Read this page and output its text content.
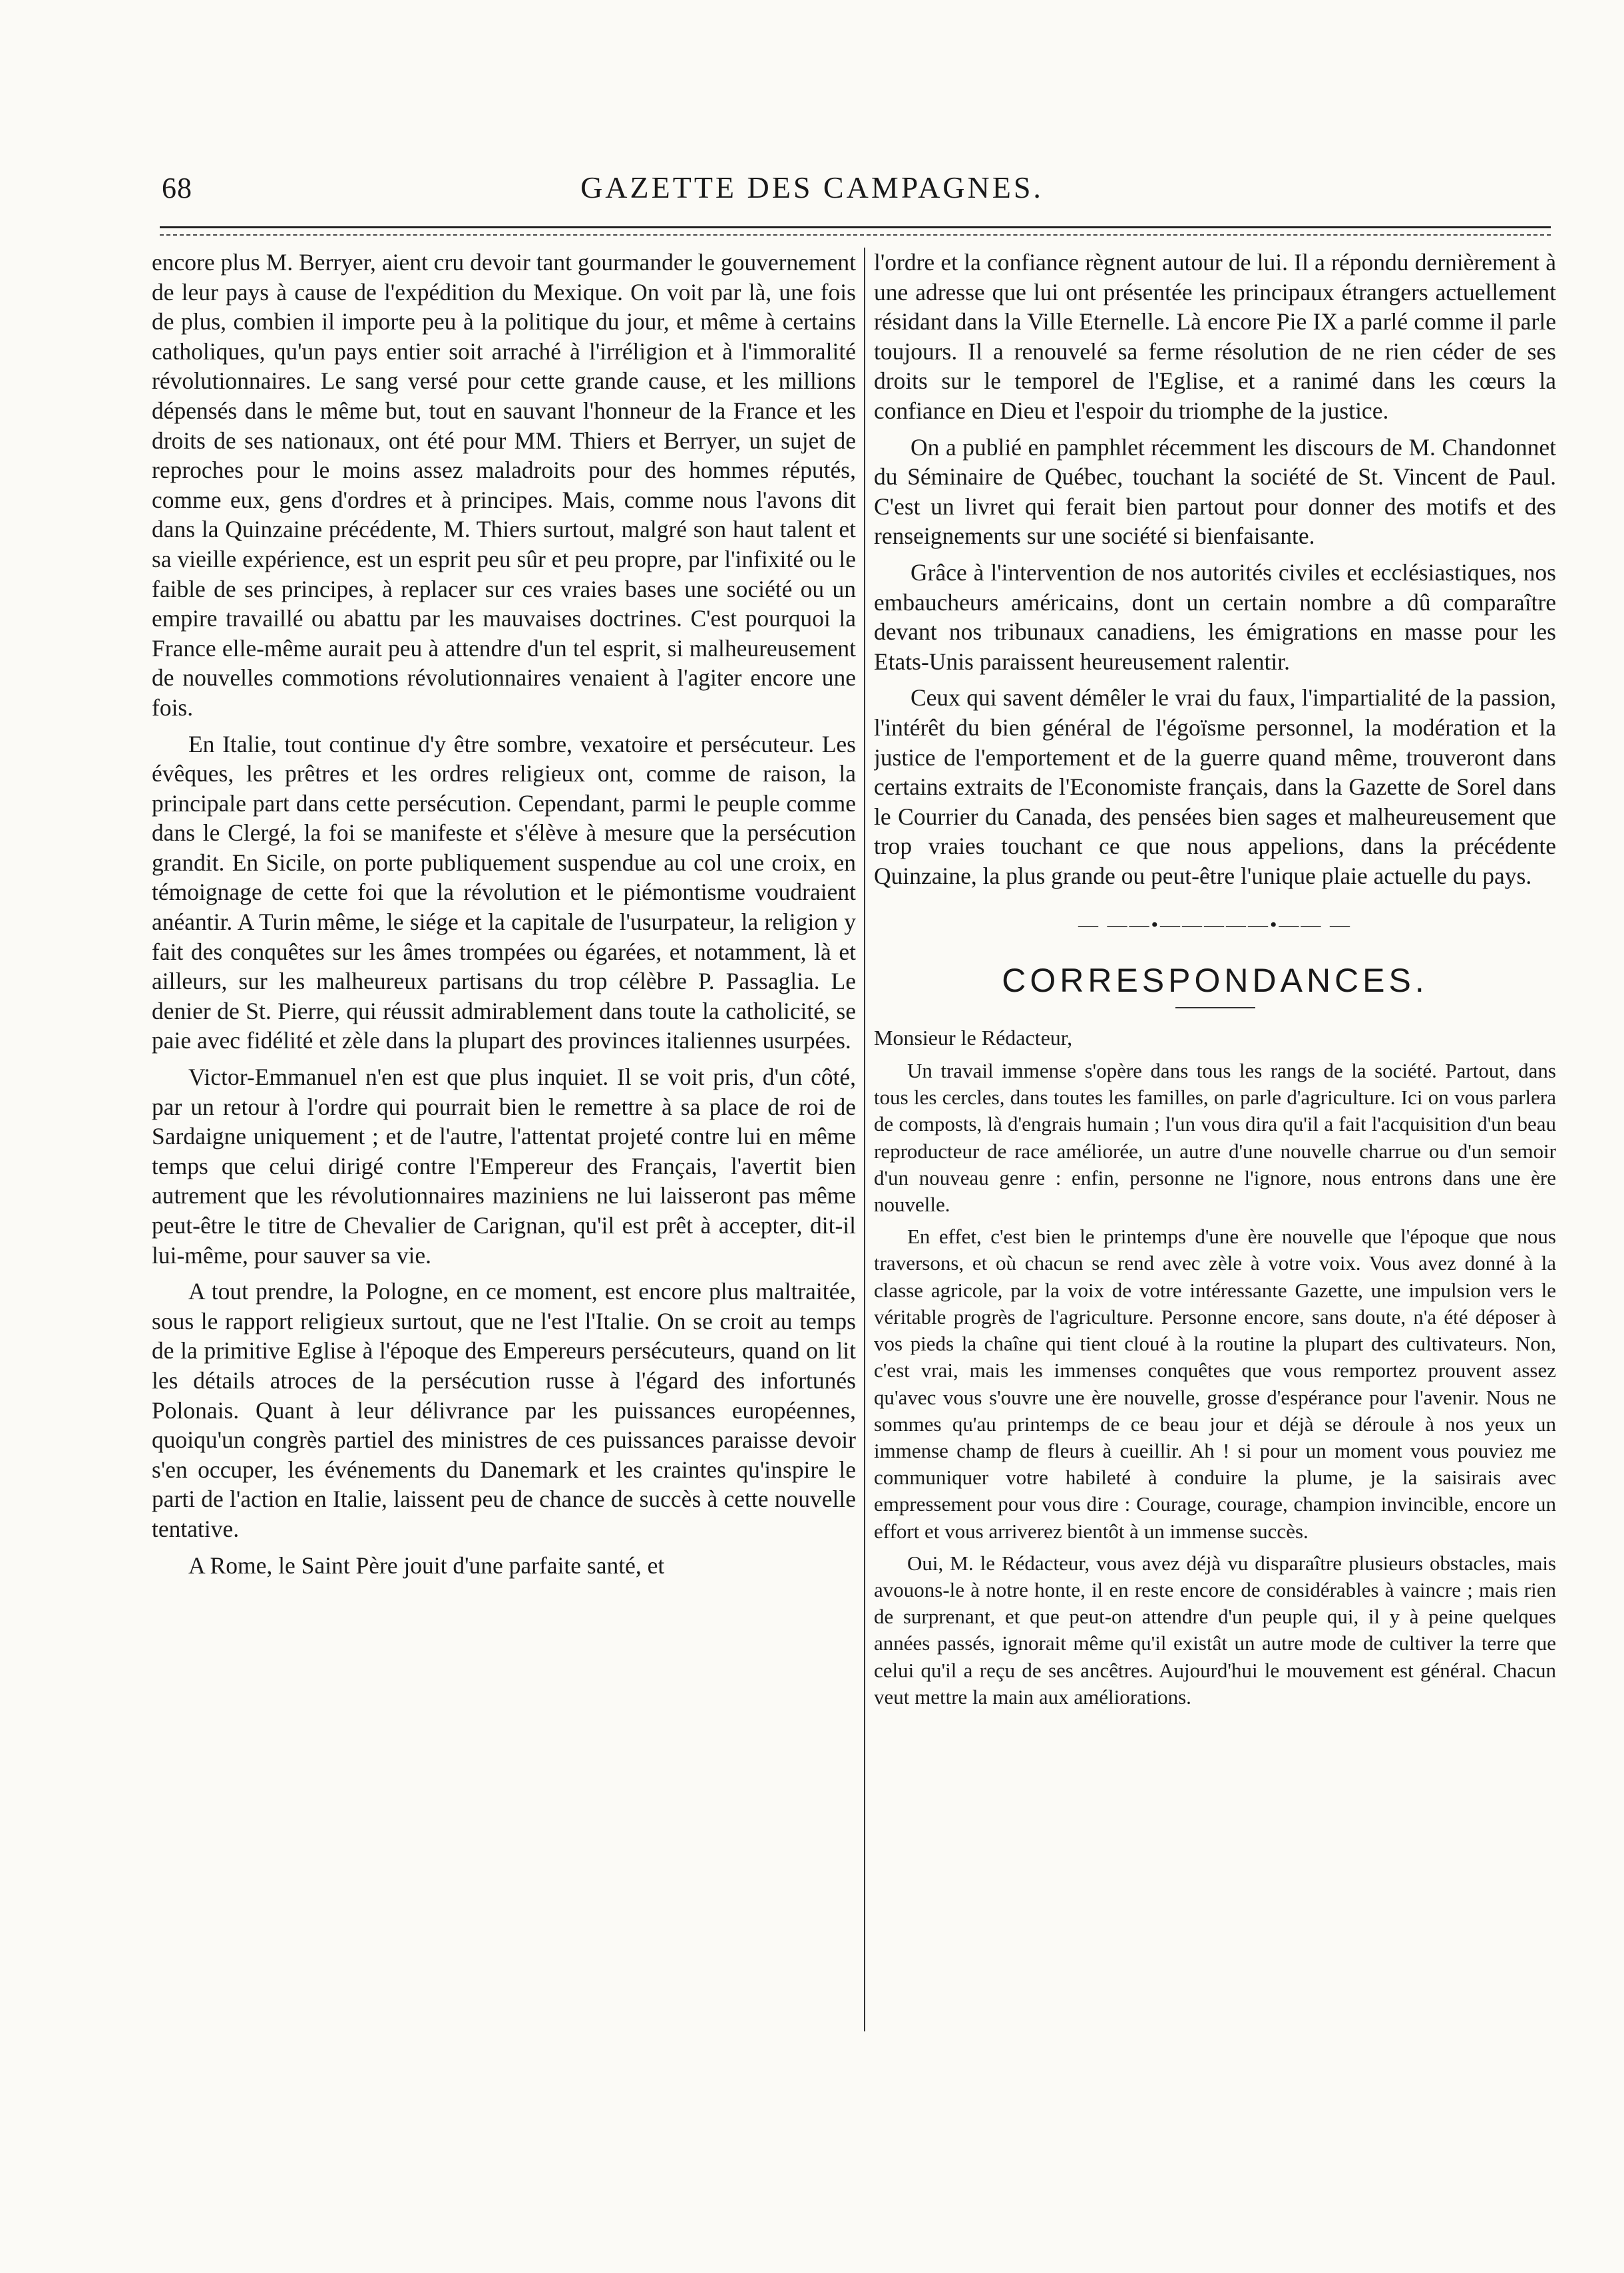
68	GAZETTE DES CAMPAGNES.

encore plus M. Berryer, aient cru devoir tant gourmander le gouvernement de leur pays à cause de l'expédition du Mexique. On voit par là, une fois de plus, combien il importe peu à la politique du jour, et même à certains catholiques, qu'un pays entier soit arraché à l'irréligion et à l'immoralité révolutionnaires. Le sang versé pour cette grande cause, et les millions dépensés dans le même but, tout en sauvant l'honneur de la France et les droits de ses nationaux, ont été pour MM. Thiers et Berryer, un sujet de reproches pour le moins assez maladroits pour des hommes réputés, comme eux, gens d'ordres et à principes. Mais, comme nous l'avons dit dans la Quinzaine précédente, M. Thiers surtout, malgré son haut talent et sa vieille expérience, est un esprit peu sûr et peu propre, par l'infixité ou le faible de ses principes, à replacer sur ces vraies bases une société ou un empire travaillé ou abattu par les mauvaises doctrines. C'est pourquoi la France elle-même aurait peu à attendre d'un tel esprit, si malheureusement de nouvelles commotions révolutionnaires venaient à l'agiter encore une fois.

En Italie, tout continue d'y être sombre, vexatoire et persécuteur. Les évêques, les prêtres et les ordres religieux ont, comme de raison, la principale part dans cette persécution. Cependant, parmi le peuple comme dans le Clergé, la foi se manifeste et s'élève à mesure que la persécution grandit. En Sicile, on porte publiquement suspendue au col une croix, en témoignage de cette foi que la révolution et le piémontisme voudraient anéantir. A Turin même, le siége et la capitale de l'usurpateur, la religion y fait des conquêtes sur les âmes trompées ou égarées, et notamment, là et ailleurs, sur les malheureux partisans du trop célèbre P. Passaglia. Le denier de St. Pierre, qui réussit admirablement dans toute la catholicité, se paie avec fidélité et zèle dans la plupart des provinces italiennes usurpées.

Victor-Emmanuel n'en est que plus inquiet. Il se voit pris, d'un côté, par un retour à l'ordre qui pourrait bien le remettre à sa place de roi de Sardaigne uniquement ; et de l'autre, l'attentat projeté contre lui en même temps que celui dirigé contre l'Empereur des Français, l'avertit bien autrement que les révolutionnaires maziniens ne lui laisseront pas même peut-être le titre de Chevalier de Carignan, qu'il est prêt à accepter, dit-il lui-même, pour sauver sa vie.

A tout prendre, la Pologne, en ce moment, est encore plus maltraitée, sous le rapport religieux surtout, que ne l'est l'Italie. On se croit au temps de la primitive Eglise à l'époque des Empereurs persécuteurs, quand on lit les détails atroces de la persécution russe à l'égard des infortunés Polonais. Quant à leur délivrance par les puissances européennes, quoiqu'un congrès partiel des ministres de ces puissances paraisse devoir s'en occuper, les événements du Danemark et les craintes qu'inspire le parti de l'action en Italie, laissent peu de chance de succès à cette nouvelle tentative.

A Rome, le Saint Père jouit d'une parfaite santé, et

l'ordre et la confiance règnent autour de lui. Il a répondu dernièrement à une adresse que lui ont présentée les principaux étrangers actuellement résidant dans la Ville Eternelle. Là encore Pie IX a parlé comme il parle toujours. Il a renouvelé sa ferme résolution de ne rien céder de ses droits sur le temporel de l'Eglise, et a ranimé dans les cœurs la confiance en Dieu et l'espoir du triomphe de la justice.

On a publié en pamphlet récemment les discours de M. Chandonnet du Séminaire de Québec, touchant la société de St. Vincent de Paul. C'est un livret qui ferait bien partout pour donner des motifs et des renseignements sur une société si bienfaisante.

Grâce à l'intervention de nos autorités civiles et ecclésiastiques, nos embaucheurs américains, dont un certain nombre a dû comparaître devant nos tribunaux canadiens, les émigrations en masse pour les Etats-Unis paraissent heureusement ralentir.

Ceux qui savent démêler le vrai du faux, l'impartialité de la passion, l'intérêt du bien général de l'égoïsme personnel, la modération et la justice de l'emportement et de la guerre quand même, trouveront dans certains extraits de l'Economiste français, dans la Gazette de Sorel dans le Courrier du Canada, des pensées bien sages et malheureusement que trop vraies touchant ce que nous appelions, dans la précédente Quinzaine, la plus grande ou peut-être l'unique plaie actuelle du pays.

— ——•—————•—— —
CORRESPONDANCES.
Monsieur le Rédacteur,

Un travail immense s'opère dans tous les rangs de la société. Partout, dans tous les cercles, dans toutes les familles, on parle d'agriculture. Ici on vous parlera de composts, là d'engrais humain ; l'un vous dira qu'il a fait l'acquisition d'un beau reproducteur de race améliorée, un autre d'une nouvelle charrue ou d'un semoir d'un nouveau genre : enfin, personne ne l'ignore, nous entrons dans une ère nouvelle.

En effet, c'est bien le printemps d'une ère nouvelle que l'époque que nous traversons, et où chacun se rend avec zèle à votre voix. Vous avez donné à la classe agricole, par la voix de votre intéressante Gazette, une impulsion vers le véritable progrès de l'agriculture. Personne encore, sans doute, n'a été déposer à vos pieds la chaîne qui tient cloué à la routine la plupart des cultivateurs. Non, c'est vrai, mais les immenses conquêtes que vous remportez prouvent assez qu'avec vous s'ouvre une ère nouvelle, grosse d'espérance pour l'avenir. Nous ne sommes qu'au printemps de ce beau jour et déjà se déroule à nos yeux un immense champ de fleurs à cueillir. Ah ! si pour un moment vous pouviez me communiquer votre habileté à conduire la plume, je la saisirais avec empressement pour vous dire : Courage, courage, champion invincible, encore un effort et vous arriverez bientôt à un immense succès.

Oui, M. le Rédacteur, vous avez déjà vu disparaître plusieurs obstacles, mais avouons-le à notre honte, il en reste encore de considérables à vaincre ; mais rien de surprenant, et que peut-on attendre d'un peuple qui, il y à peine quelques années passés, ignorait même qu'il existât un autre mode de cultiver la terre que celui qu'il a reçu de ses ancêtres. Aujourd'hui le mouvement est général. Chacun veut mettre la main aux améliorations.
